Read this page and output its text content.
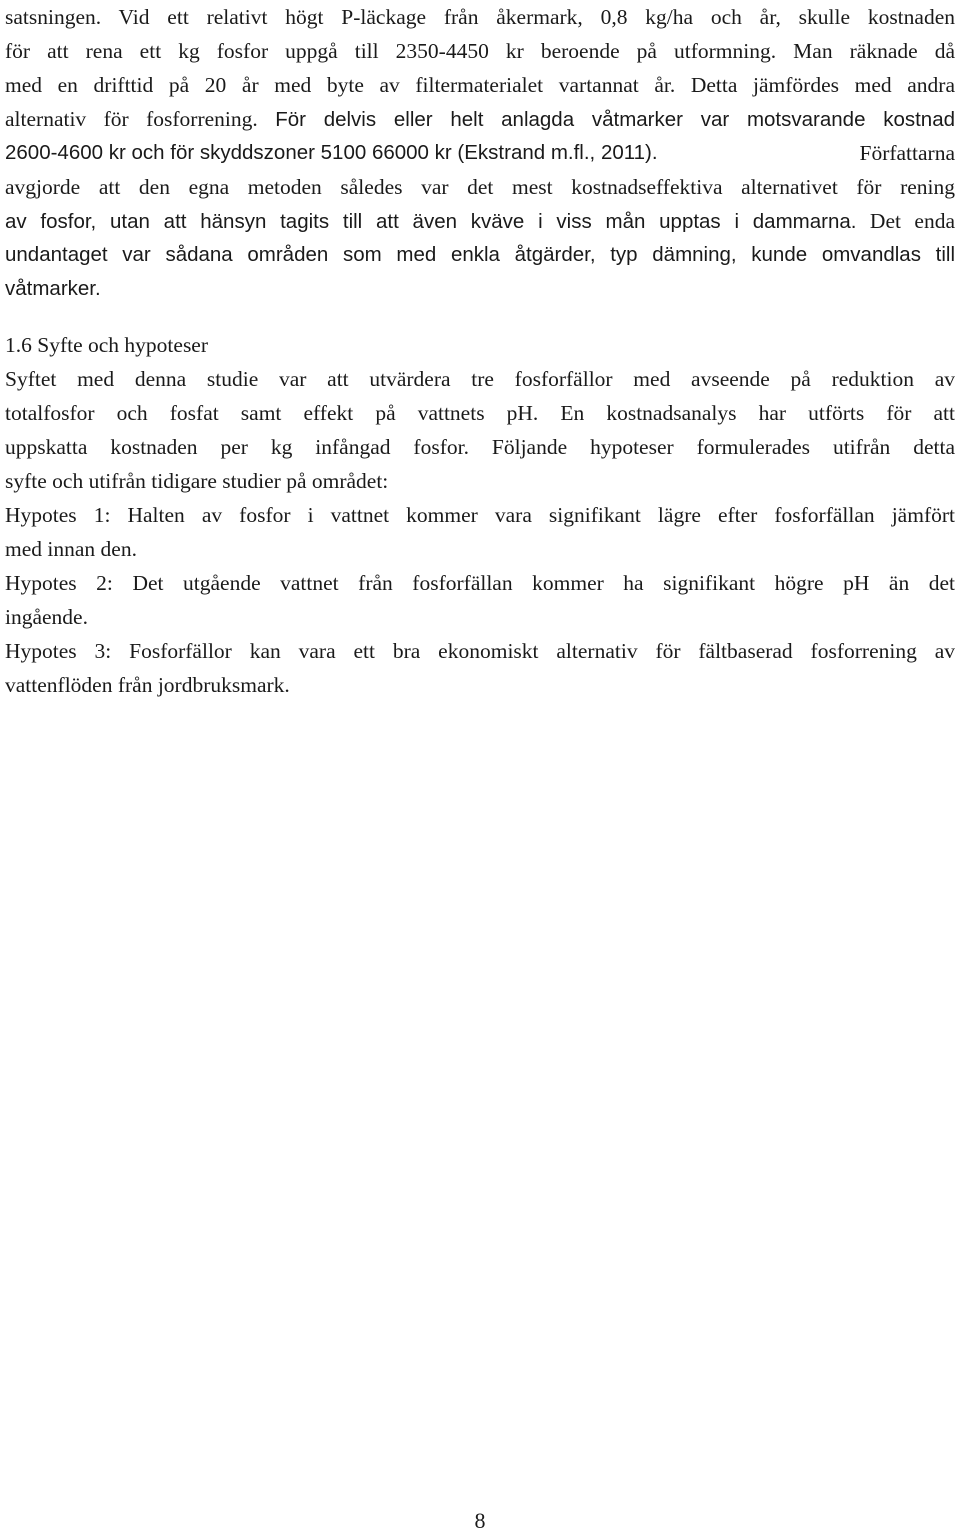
satsningen. Vid ett relativt högt P-läckage från åkermark, 0,8 kg/ha och år, skulle kostnaden
för att rena ett kg fosfor uppgå till 2350-4450 kr beroende på utformning. Man räknade då
med en drifttid på 20 år med byte av filtermaterialet vartannat år. Detta jämfördes med andra
alternativ för fosforrening. För delvis eller helt anlagda våtmarker var motsvarande kostnad
2600-4600 kr och för skyddszoner 5100 66000 kr (Ekstrand m.fl., 2011).	Författarna
avgjorde att den egna metoden således var det mest kostnadseffektiva alternativet för rening
av fosfor, utan att hänsyn tagits till att även kväve i viss mån upptas i dammarna. Det enda
undantaget var sådana områden som med enkla åtgärder, typ dämning, kunde omvandlas till
våtmarker.
1.6 Syfte och hypoteser
Syftet med denna studie var att utvärdera tre fosforfällor med avseende på reduktion av
totalfosfor och fosfat samt effekt på vattnets pH. En kostnadsanalys har utförts för att
uppskatta kostnaden per kg infångad fosfor. Följande hypoteser formulerades utifrån detta
syfte och utifrån tidigare studier på området:
Hypotes 1: Halten av fosfor i vattnet kommer vara signifikant lägre efter fosforfällan jämfört
med innan den.
Hypotes 2: Det utgående vattnet från fosforfällan kommer ha signifikant högre pH än det
ingående.
Hypotes 3: Fosforfällor kan vara ett bra ekonomiskt alternativ för fältbaserad fosforrening av
vattenflöden från jordbruksmark.
8
